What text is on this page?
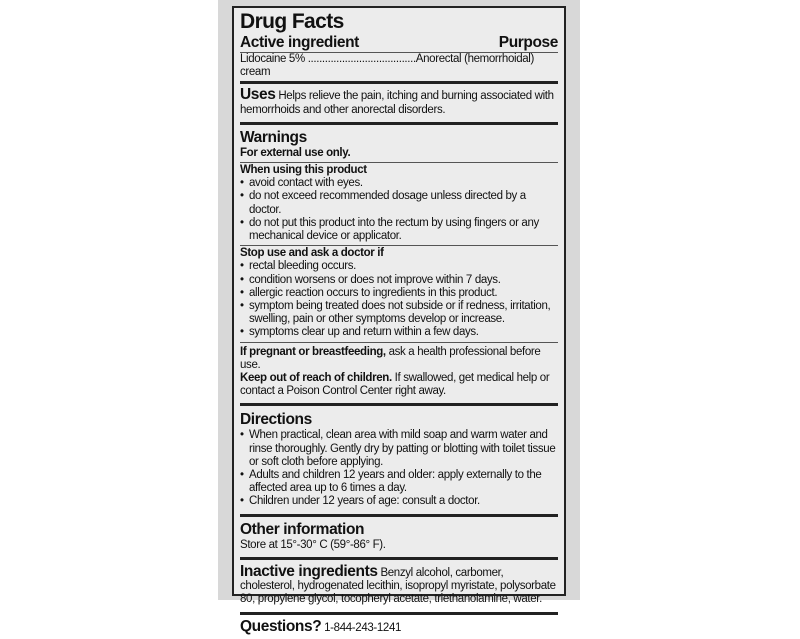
Drug Facts
Active ingredient	Purpose
Lidocaine 5% ......................................Anorectal (hemorrhoidal) cream

Uses Helps relieve the pain, itching and burning associated with hemorrhoids and other anorectal disorders.

Warnings
For external use only.
When using this product
• avoid contact with eyes.
• do not exceed recommended dosage unless directed by a doctor.
• do not put this product into the rectum by using fingers or any mechanical device or applicator.
Stop use and ask a doctor if
• rectal bleeding occurs.
• condition worsens or does not improve within 7 days.
• allergic reaction occurs to ingredients in this product.
• symptom being treated does not subside or if redness, irritation, swelling, pain or other symptoms develop or increase.
• symptoms clear up and return within a few days.

If pregnant or breastfeeding, ask a health professional before use.

Keep out of reach of children. If swallowed, get medical help or contact a Poison Control Center right away.

Directions
• When practical, clean area with mild soap and warm water and rinse thoroughly. Gently dry by patting or blotting with toilet tissue or soft cloth before applying.
• Adults and children 12 years and older: apply externally to the affected area up to 6 times a day.
• Children under 12 years of age: consult a doctor.
Other information
Store at 15°-30° C (59°-86° F).

Inactive ingredients Benzyl alcohol, carbomer, cholesterol, hydrogenated lecithin, isopropyl myristate, polysorbate 80, propylene glycol, tocopheryl acetate, triethanolamine, water.

Questions? 1-844-243-1241
